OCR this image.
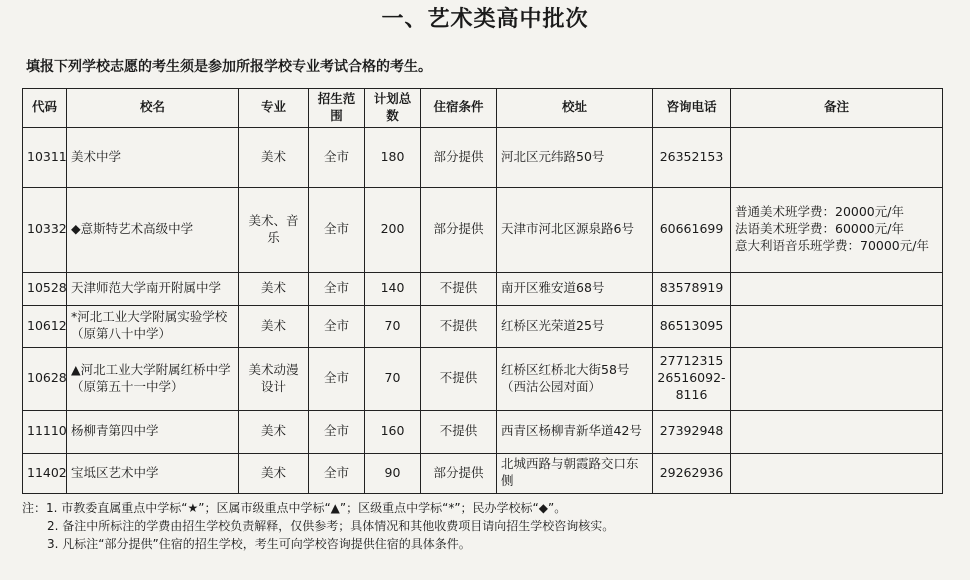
一、艺术类高中批次

填报下列学校志愿的考生须是参加所报学校专业考试合格的考生。

代码	校名	专业	招生范围	计划总数	住宿条件	校址	咨询电话	备注
10311	美术中学	美术	全市	180	部分提供	河北区元纬路50号	26352153	
10332	◆意斯特艺术高级中学	美术、音乐	全市	200	部分提供	天津市河北区源泉路6号	60661699	普通美术班学费：20000元/年
法语美术班学费：60000元/年
意大利语音乐班学费：70000元/年

10528	天津师范大学南开附属中学	美术	全市	140	不提供	南开区雅安道68号	83578919	
10612	*河北工业大学附属实验学校（原第八十中学）	美术	全市	70	不提供	红桥区光荣道25号	86513095	
10628	▲河北工业大学附属红桥中学（原第五十一中学）	美术动漫设计	全市	70	不提供	红桥区红桥北大街58号（西沽公园对面）	27712315 26516092-8116	
11110	杨柳青第四中学	美术	全市	160	不提供	西青区杨柳青新华道42号	27392948	
11402	宝坻区艺术中学	美术	全市	90	部分提供	北城西路与朝霞路交口东侧	29262936	
注：1. 市教委直属重点中学标“★”；区属市级重点中学标“▲”；区级重点中学标“*”；民办学校标“◆”。
2. 备注中所标注的学费由招生学校负责解释，仅供参考；具体情况和其他收费项目请向招生学校咨询核实。
3. 凡标注“部分提供”住宿的招生学校，考生可向学校咨询提供住宿的具体条件。
